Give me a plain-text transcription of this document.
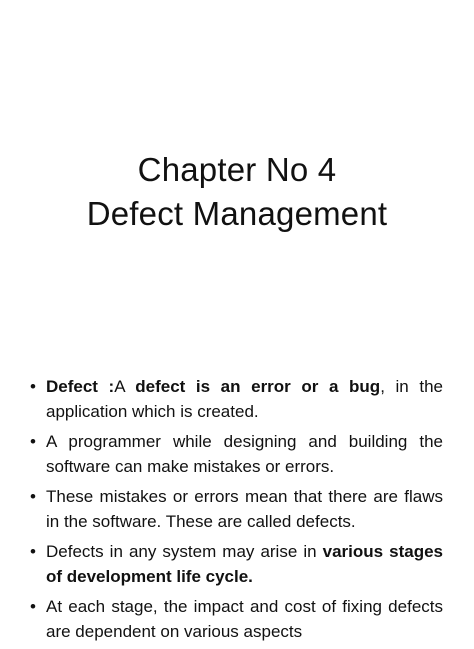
Chapter No 4
Defect Management
• Defect :A defect is an error or a bug, in the application which is created.
• A programmer while designing and building the software can make mistakes or errors.
• These mistakes or errors mean that there are flaws in the software. These are called defects.
• Defects in any system may arise in various stages of development life cycle.
• At each stage, the impact and cost of fixing defects are dependent on various aspects
